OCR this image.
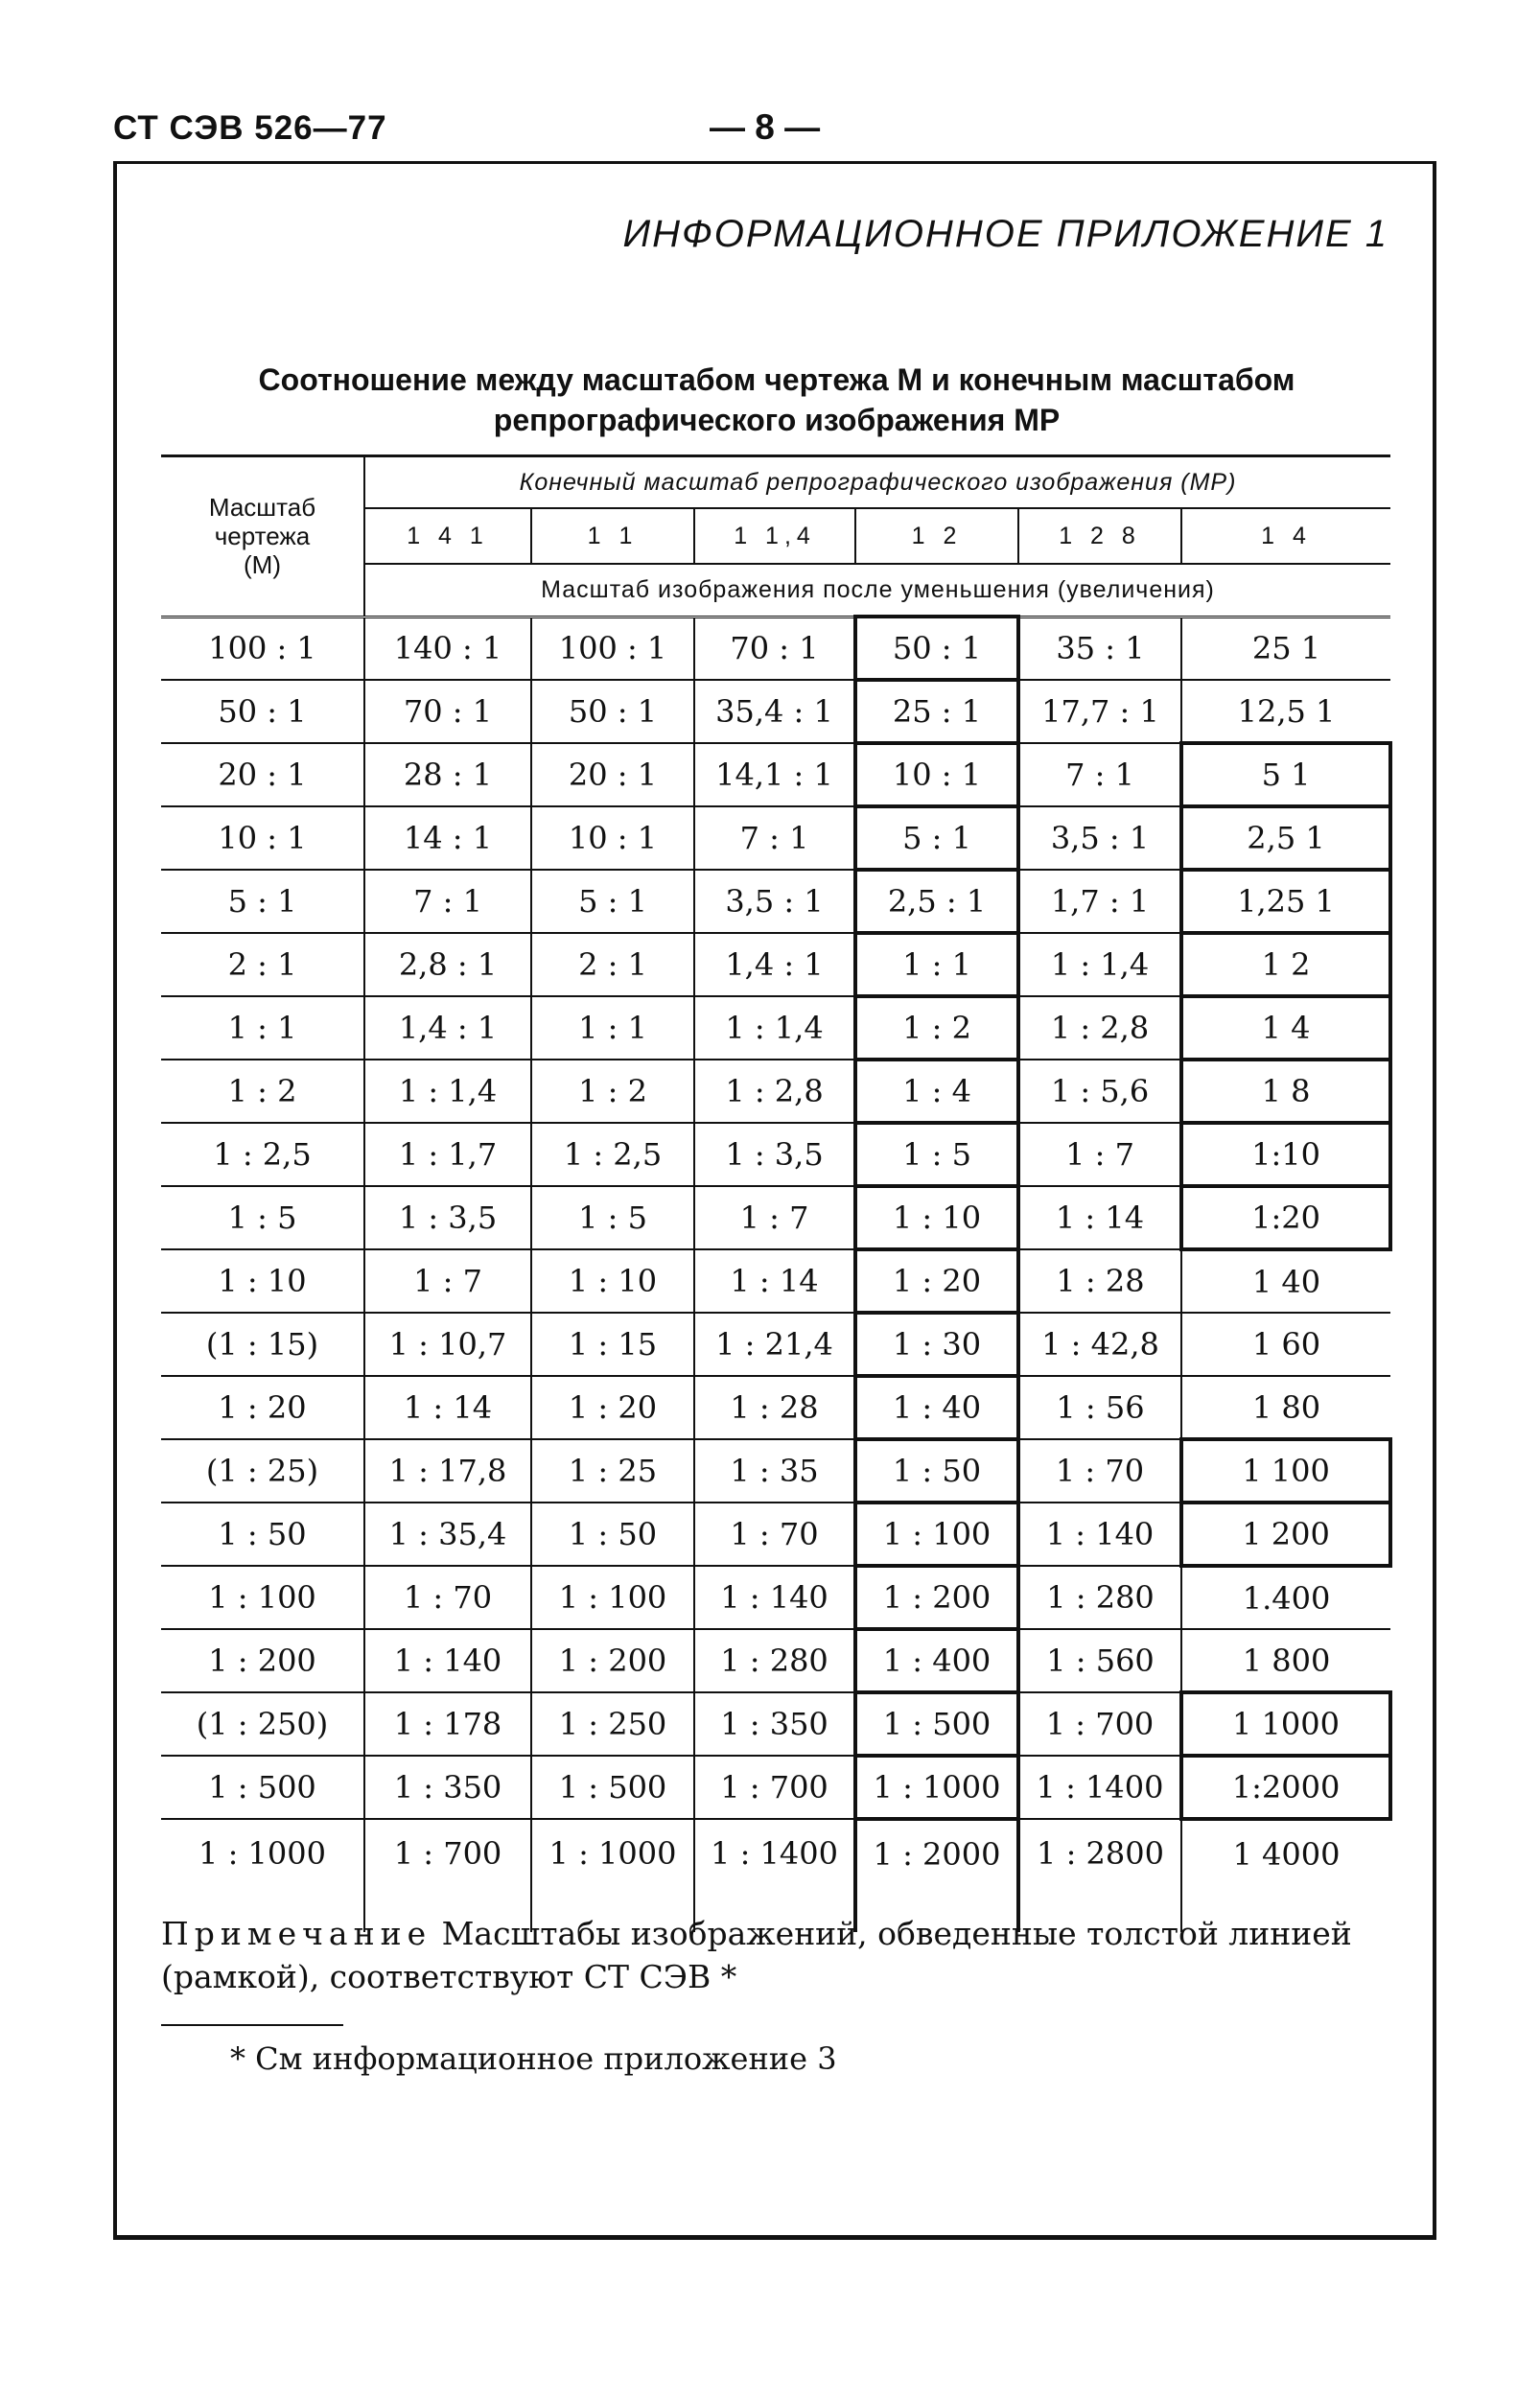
СТ СЭВ 526—77	— 8 —
ИНФОРМАЦИОННОЕ ПРИЛОЖЕНИЕ 1
Соотношение между масштабом чертежа М и конечным масштабом
репрографического изображения МР
Масштаб
чертежа
(М)	Конечный масштаб репрографического изображения (МР)					
	1 4 1	1 1	1 1,4	1 2	1 2 8	1 4
	Масштаб изображения после уменьшения (увеличения)					
100 : 1	140 : 1	100 : 1	70 : 1	50 : 1	35 : 1	25 1
50 : 1	70 : 1	50 : 1	35,4 : 1	25 : 1	17,7 : 1	12,5 1
20 : 1	28 : 1	20 : 1	14,1 : 1	10 : 1	7 : 1	5 1
10 : 1	14 : 1	10 : 1	7 : 1	5 : 1	3,5 : 1	2,5 1
5 : 1	7 : 1	5 : 1	3,5 : 1	2,5 : 1	1,7 : 1	1,25 1
2 : 1	2,8 : 1	2 : 1	1,4 : 1	1 : 1	1 : 1,4	1 2
1 : 1	1,4 : 1	1 : 1	1 : 1,4	1 : 2	1 : 2,8	1 4
1 : 2	1 : 1,4	1 : 2	1 : 2,8	1 : 4	1 : 5,6	1 8
1 : 2,5	1 : 1,7	1 : 2,5	1 : 3,5	1 : 5	1 : 7	1:10
1 : 5	1 : 3,5	1 : 5	1 : 7	1 : 10	1 : 14	1:20
1 : 10	1 : 7	1 : 10	1 : 14	1 : 20	1 : 28	1 40
(1 : 15)	1 : 10,7	1 : 15	1 : 21,4	1 : 30	1 : 42,8	1 60
1 : 20	1 : 14	1 : 20	1 : 28	1 : 40	1 : 56	1 80
(1 : 25)	1 : 17,8	1 : 25	1 : 35	1 : 50	1 : 70	1 100
1 : 50	1 : 35,4	1 : 50	1 : 70	1 : 100	1 : 140	1 200
1 : 100	1 : 70	1 : 100	1 : 140	1 : 200	1 : 280	1.400
1 : 200	1 : 140	1 : 200	1 : 280	1 : 400	1 : 560	1 800
(1 : 250)	1 : 178	1 : 250	1 : 350	1 : 500	1 : 700	1 1000
1 : 500	1 : 350	1 : 500	1 : 700	1 : 1000	1 : 1400	1:2000
1 : 1000	1 : 700	1 : 1000	1 : 1400	1 : 2000	1 : 2800	1 4000
Примечание Масштабы изображений, обведенные толстой линией (рамкой), соответствуют СТ СЭВ *
* См информационное приложение 3
